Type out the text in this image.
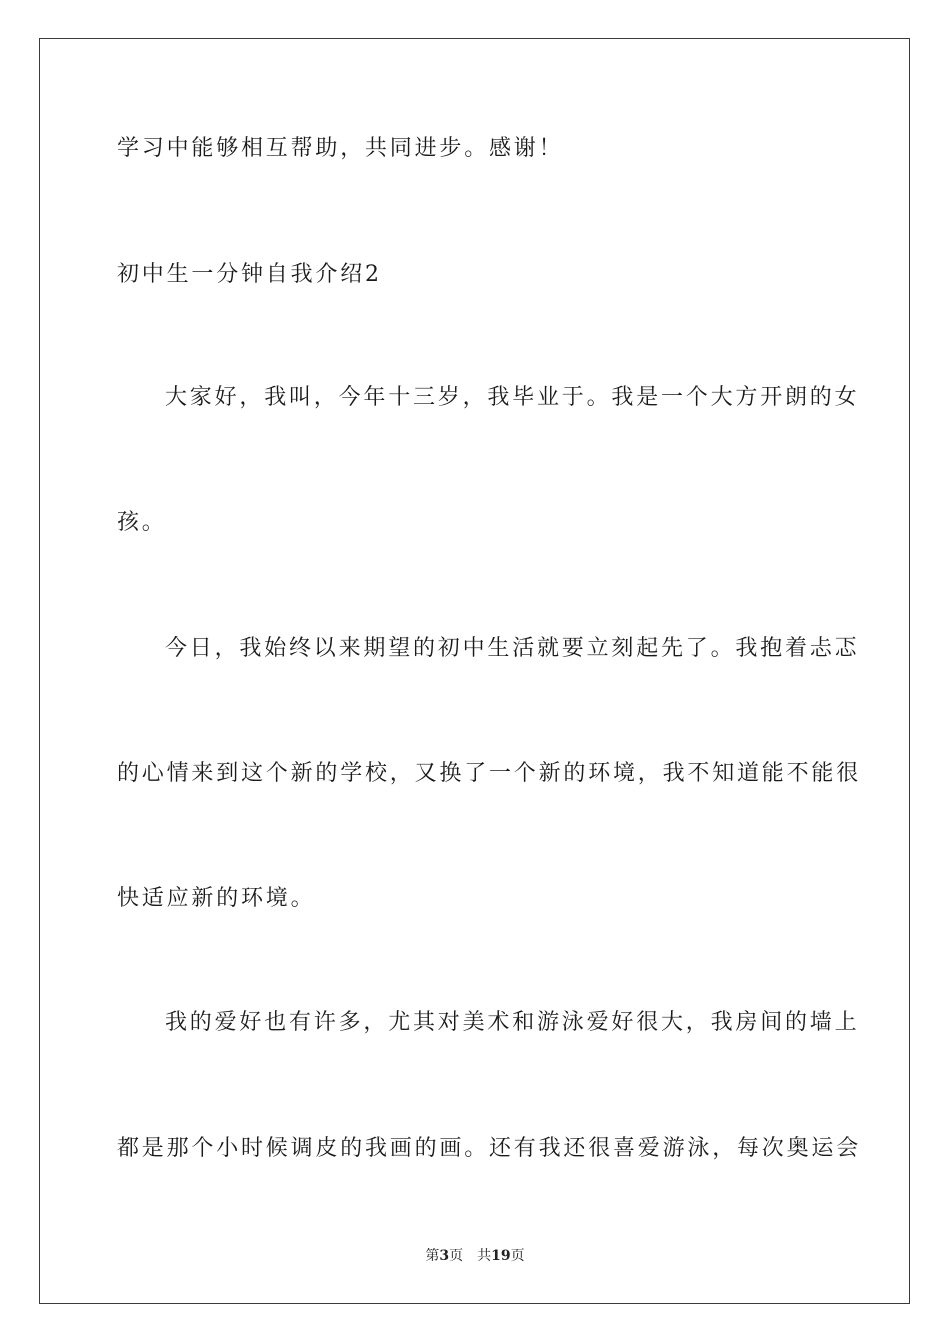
学习中能够相互帮助，共同进步。感谢！
初中生一分钟自我介绍2
大家好，我叫，今年十三岁，我毕业于。我是一个大方开朗的女
孩。
今日，我始终以来期望的初中生活就要立刻起先了。我抱着忐忑
的心情来到这个新的学校，又换了一个新的环境，我不知道能不能很
快适应新的环境。
我的爱好也有许多，尤其对美术和游泳爱好很大，我房间的墙上
都是那个小时候调皮的我画的画。还有我还很喜爱游泳，每次奥运会
第3页 共19页
